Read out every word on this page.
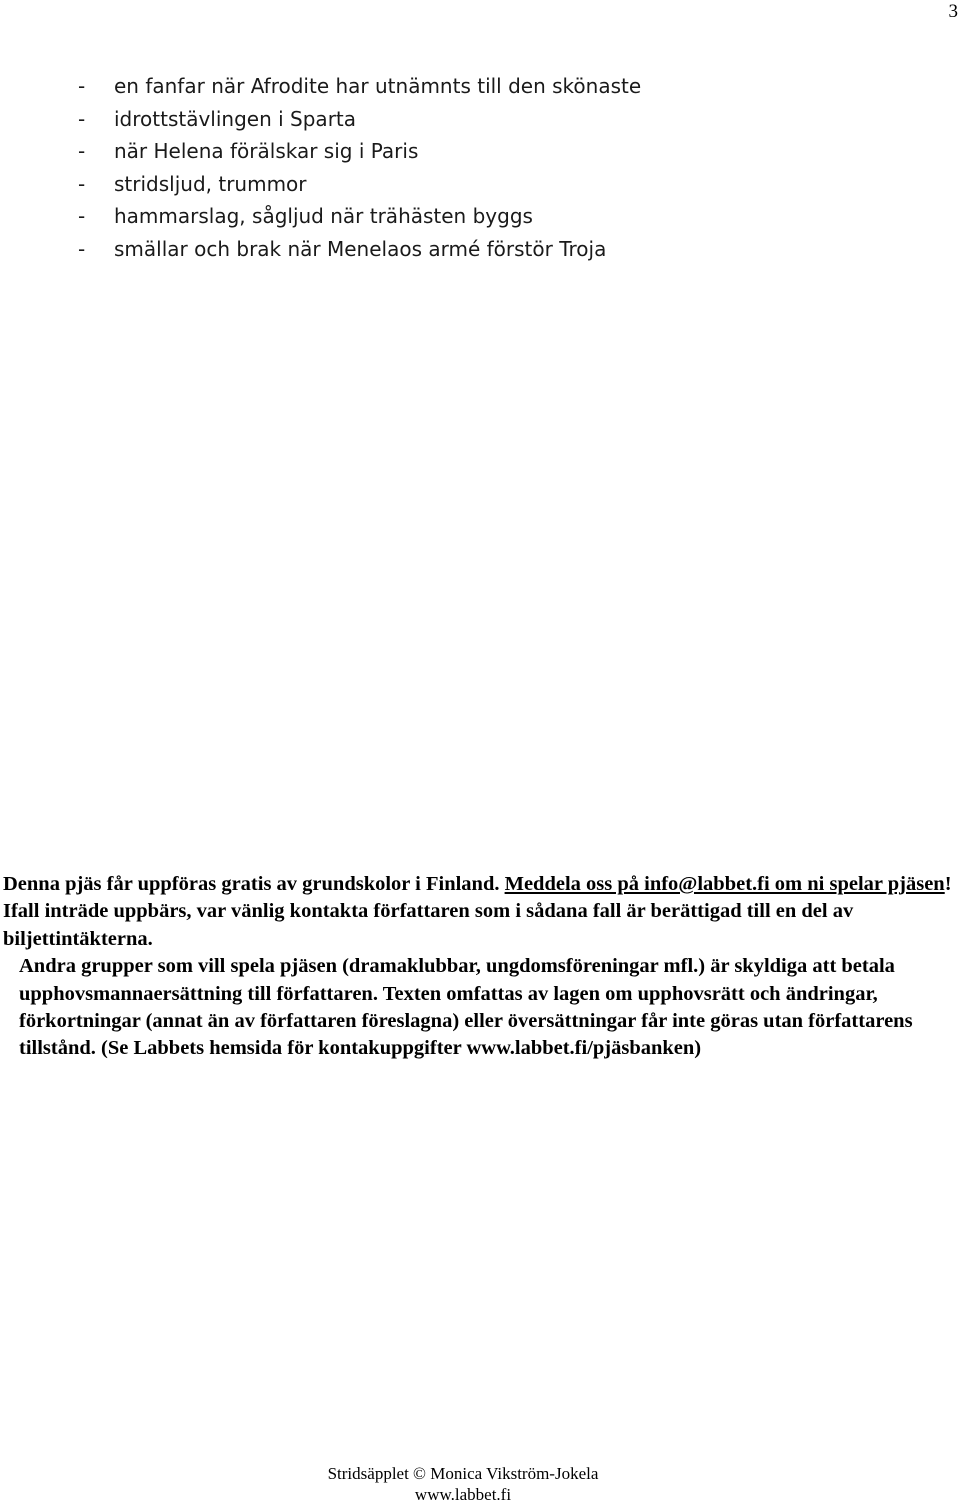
3
-	en fanfar när Afrodite har utnämnts till den skönaste
-	idrottstävlingen i Sparta
-	när Helena förälskar sig i Paris
-	stridsljud, trummor
-	hammarslag, sågljud när trähästen byggs
-	smällar och brak när Menelaos armé förstör Troja

Denna pjäs får uppföras gratis av grundskolor i Finland. Meddela oss på info@labbet.fi om ni spelar pjäsen! Ifall inträde uppbärs, var vänlig kontakta författaren som i sådana fall är berättigad till en del av biljettintäkterna.

Andra grupper som vill spela pjäsen (dramaklubbar, ungdomsföreningar mfl.) är skyldiga att betala upphovsmannaersättning till författaren. Texten omfattas av lagen om upphovsrätt och ändringar, förkortningar (annat än av författaren föreslagna) eller översättningar får inte göras utan författarens tillstånd. (Se Labbets hemsida för kontakuppgifter www.labbet.fi/pjäsbanken)

Stridsäpplet © Monica Vikström-Jokela
www.labbet.fi
